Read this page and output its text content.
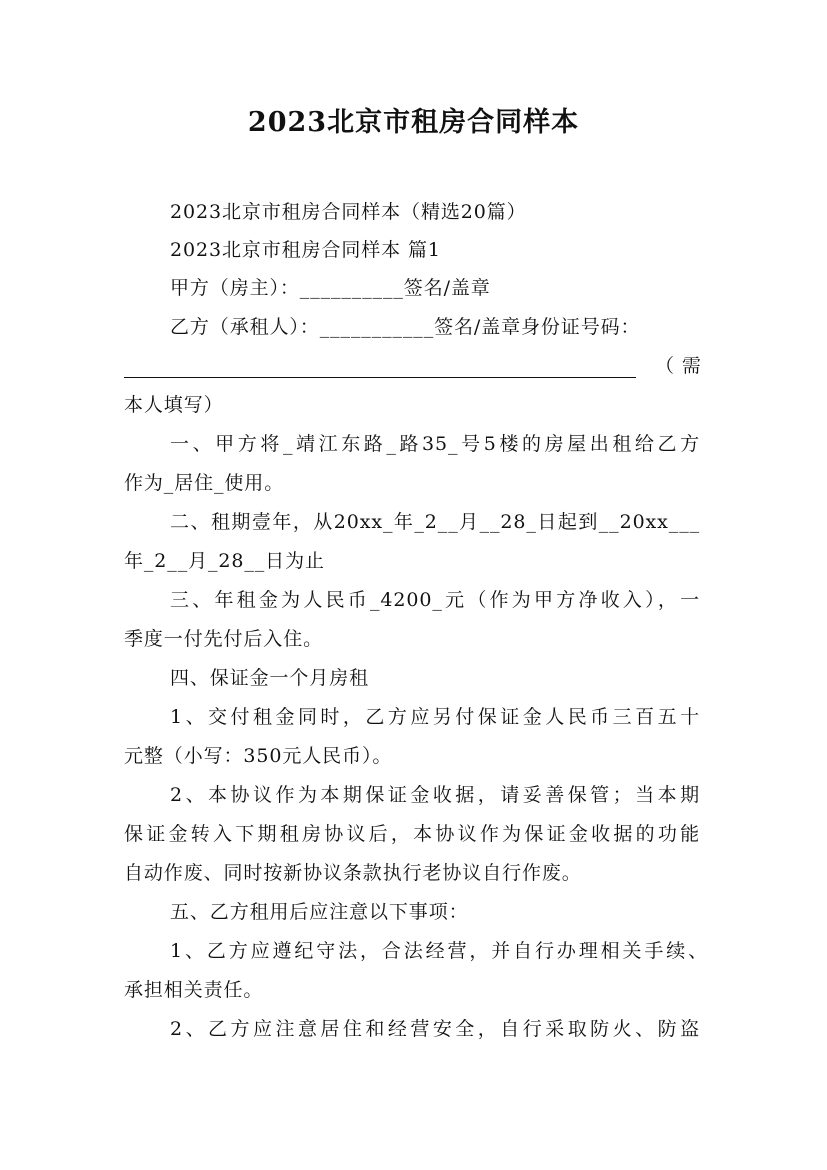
2023北京市租房合同样本
2023北京市租房合同样本（精选20篇）
2023北京市租房合同样本 篇1
甲方（房主）：__________签名/盖章
乙方（承租人）：___________签名/盖章身份证号码：
（ 需
本人填写）
一、甲方将_靖江东路_路35_号5楼的房屋出租给乙方
作为_居住_使用。
二、租期壹年，从20xx_年_2__月__28_日起到__20xx___
年_2__月_28__日为止
三、年租金为人民币_4200_元（作为甲方净收入），一
季度一付先付后入住。
四、保证金一个月房租
1、交付租金同时，乙方应另付保证金人民币三百五十
元整（小写：350元人民币）。
2、本协议作为本期保证金收据，请妥善保管；当本期
保证金转入下期租房协议后，本协议作为保证金收据的功能
自动作废、同时按新协议条款执行老协议自行作废。
五、乙方租用后应注意以下事项：
1、乙方应遵纪守法，合法经营，并自行办理相关手续、
承担相关责任。
2、乙方应注意居住和经营安全，自行采取防火、防盗
